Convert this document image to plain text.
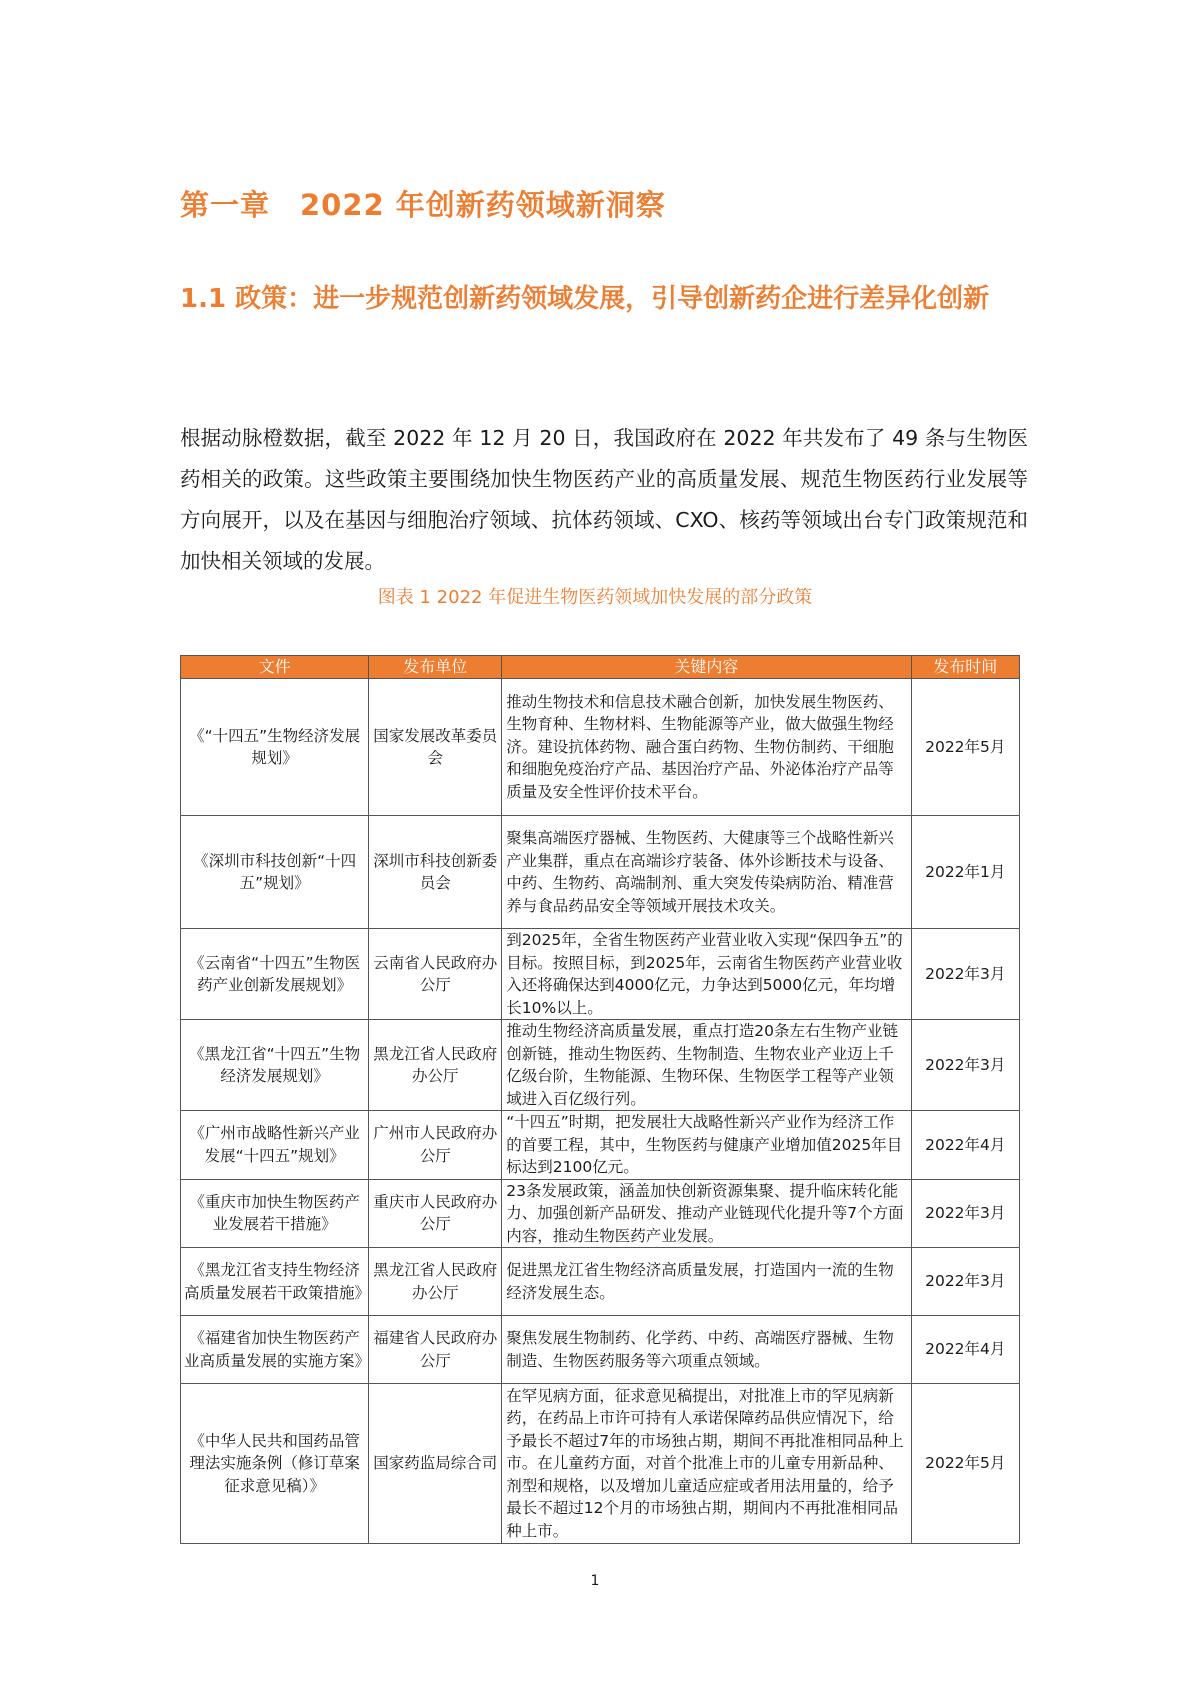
第一章　2022 年创新药领域新洞察
1.1 政策：进一步规范创新药领域发展，引导创新药企进行差异化创新
根据动脉橙数据，截至 2022 年 12 月 20 日，我国政府在 2022 年共发布了 49 条与生物医药相关的政策。这些政策主要围绕加快生物医药产业的高质量发展、规范生物医药行业发展等方向展开，以及在基因与细胞治疗领域、抗体药领域、CXO、核药等领域出台专门政策规范和加快相关领域的发展。
图表 1 2022 年促进生物医药领域加快发展的部分政策
文件	发布单位	关键内容	发布时间
《“十四五”生物经济发展规划》	国家发展改革委员会	推动生物技术和信息技术融合创新，加快发展生物医药、生物育种、生物材料、生物能源等产业，做大做强生物经济。建设抗体药物、融合蛋白药物、生物仿制药、干细胞和细胞免疫治疗产品、基因治疗产品、外泌体治疗产品等质量及安全性评价技术平台。	2022年5月
《深圳市科技创新“十四五”规划》	深圳市科技创新委员会	聚集高端医疗器械、生物医药、大健康等三个战略性新兴产业集群，重点在高端诊疗装备、体外诊断技术与设备、中药、生物药、高端制剂、重大突发传染病防治、精准营养与食品药品安全等领域开展技术攻关。	2022年1月
《云南省“十四五”生物医药产业创新发展规划》	云南省人民政府办公厅	到2025年，全省生物医药产业营业收入实现“保四争五”的目标。按照目标，到2025年，云南省生物医药产业营业收入还将确保达到4000亿元，力争达到5000亿元，年均增长10%以上。	2022年3月
《黑龙江省“十四五”生物经济发展规划》	黑龙江省人民政府办公厅	推动生物经济高质量发展，重点打造20条左右生物产业链创新链，推动生物医药、生物制造、生物农业产业迈上千亿级台阶，生物能源、生物环保、生物医学工程等产业领域进入百亿级行列。	2022年3月
《广州市战略性新兴产业发展“十四五”规划》	广州市人民政府办公厅	“十四五”时期，把发展壮大战略性新兴产业作为经济工作的首要工程，其中，生物医药与健康产业增加值2025年目标达到2100亿元。	2022年4月
《重庆市加快生物医药产业发展若干措施》	重庆市人民政府办公厅	23条发展政策，涵盖加快创新资源集聚、提升临床转化能力、加强创新产品研发、推动产业链现代化提升等7个方面内容，推动生物医药产业发展。	2022年3月
《黑龙江省支持生物经济高质量发展若干政策措施》	黑龙江省人民政府办公厅	促进黑龙江省生物经济高质量发展，打造国内一流的生物经济发展生态。	2022年3月
《福建省加快生物医药产业高质量发展的实施方案》	福建省人民政府办公厅	聚焦发展生物制药、化学药、中药、高端医疗器械、生物制造、生物医药服务等六项重点领域。	2022年4月
《中华人民共和国药品管理法实施条例（修订草案征求意见稿）》	国家药监局综合司	在罕见病方面，征求意见稿提出，对批准上市的罕见病新药，在药品上市许可持有人承诺保障药品供应情况下，给予最长不超过7年的市场独占期，期间不再批准相同品种上市。在儿童药方面，对首个批准上市的儿童专用新品种、剂型和规格，以及增加儿童适应症或者用法用量的，给予最长不超过12个月的市场独占期，期间内不再批准相同品种上市。	2022年5月
1
